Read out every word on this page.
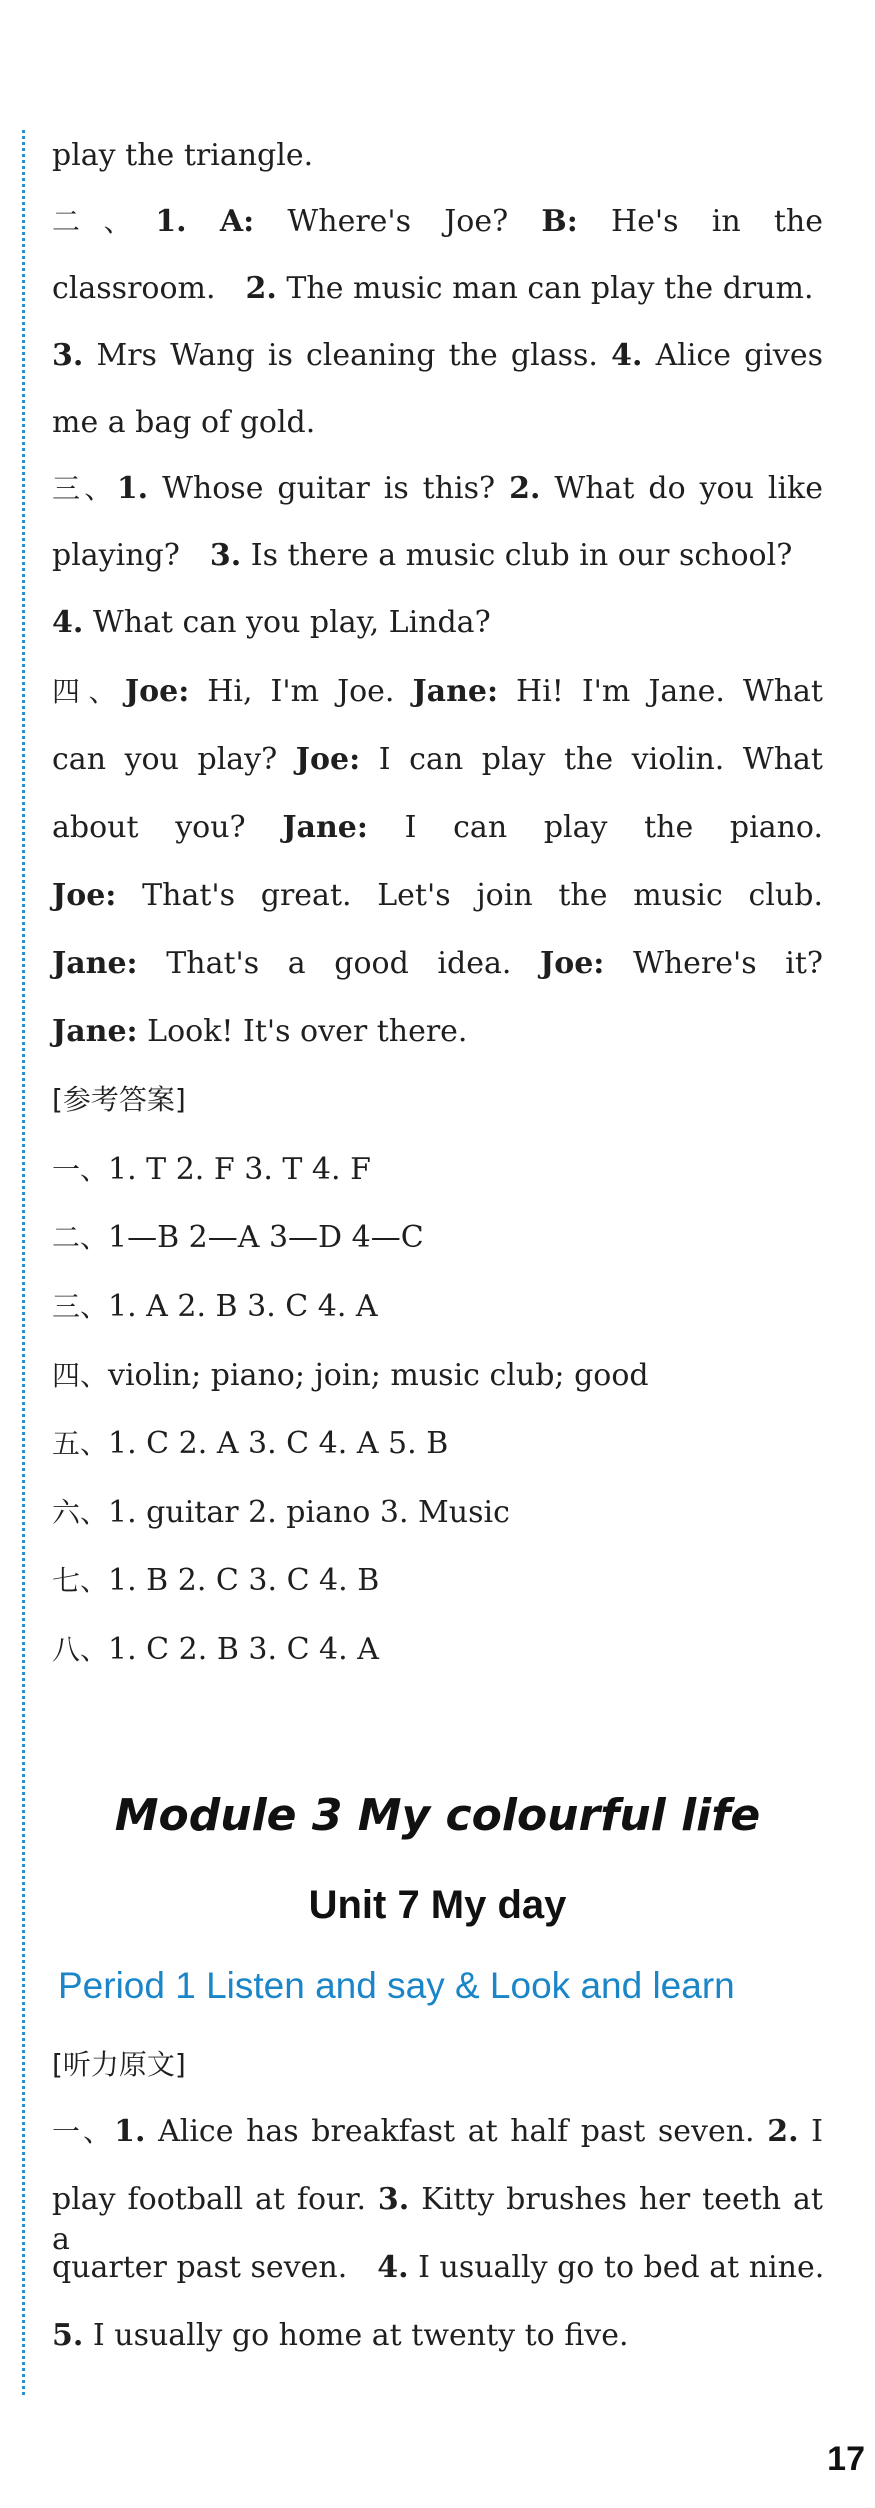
play the triangle.
二、1. A: Where's Joe? B: He's in the
classroom. 2. The music man can play the drum.
3. Mrs Wang is cleaning the glass. 4. Alice gives
me a bag of gold.
三、1. Whose guitar is this? 2. What do you like
playing? 3. Is there a music club in our school?
4. What can you play, Linda?
四、Joe: Hi, I'm Joe. Jane: Hi! I'm Jane. What
can you play? Joe: I can play the violin. What
about you? Jane: I can play the piano.
Joe: That's great. Let's join the music club.
Jane: That's a good idea. Joe: Where's it?
Jane: Look! It's over there.
[参考答案]
一、1. T 2. F 3. T 4. F
二、1—B 2—A 3—D 4—C
三、1. A 2. B 3. C 4. A
四、violin; piano; join; music club; good
五、1. C 2. A 3. C 4. A 5. B
六、1. guitar 2. piano 3. Music
七、1. B 2. C 3. C 4. B
八、1. C 2. B 3. C 4. A
Module 3 My colourful life
Unit 7 My day
Period 1 Listen and say & Look and learn
[听力原文]
一、1. Alice has breakfast at half past seven. 2. I
play football at four. 3. Kitty brushes her teeth at a
quarter past seven. 4. I usually go to bed at nine.
5. I usually go home at twenty to five.
17
